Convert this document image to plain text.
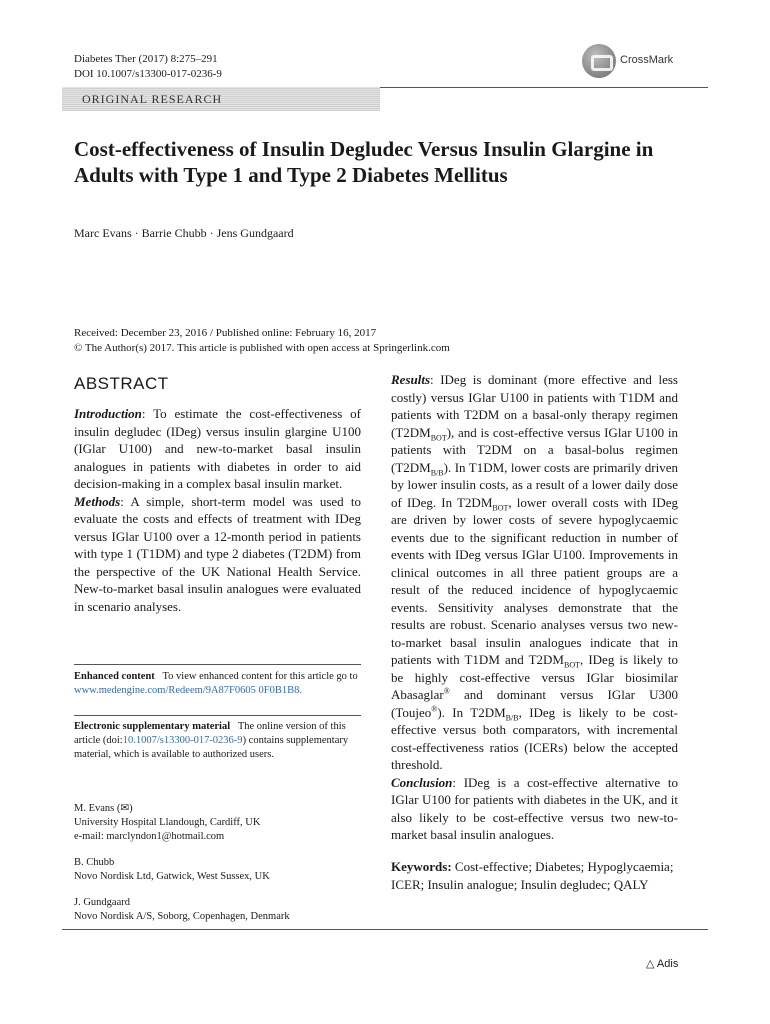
Diabetes Ther (2017) 8:275–291
DOI 10.1007/s13300-017-0236-9
CrossMark
ORIGINAL RESEARCH
Cost-effectiveness of Insulin Degludec Versus Insulin Glargine in Adults with Type 1 and Type 2 Diabetes Mellitus
Marc Evans · Barrie Chubb · Jens Gundgaard
Received: December 23, 2016 / Published online: February 16, 2017
© The Author(s) 2017. This article is published with open access at Springerlink.com
ABSTRACT

Introduction: To estimate the cost-effectiveness of insulin degludec (IDeg) versus insulin glargine U100 (IGlar U100) and new-to-market basal insulin analogues in patients with diabetes in order to aid decision-making in a complex basal insulin market.

Methods: A simple, short-term model was used to evaluate the costs and effects of treatment with IDeg versus IGlar U100 over a 12-month period in patients with type 1 (T1DM) and type 2 diabetes (T2DM) from the perspective of the UK National Health Service. New-to-market basal insulin analogues were evaluated in scenario analyses.

Enhanced content To view enhanced content for this article go to www.medengine.com/Redeem/9A87F0605 0F0B1B8.
Electronic supplementary material The online version of this article (doi:10.1007/s13300-017-0236-9) contains supplementary material, which is available to authorized users.
M. Evans (✉)
University Hospital Llandough, Cardiff, UK
e-mail: marclyndon1@hotmail.com
B. Chubb
Novo Nordisk Ltd, Gatwick, West Sussex, UK
J. Gundgaard
Novo Nordisk A/S, Soborg, Copenhagen, Denmark

Results: IDeg is dominant (more effective and less costly) versus IGlar U100 in patients with T1DM and patients with T2DM on a basal-only therapy regimen $(T2DM_{BOT})$, and is cost-effective versus IGlar U100 in patients with T2DM on a basal-bolus regimen $(T2DM_{B/B})$. In T1DM, lower costs are primarily driven by lower insulin costs, as a result of a lower daily dose of IDeg. In $T2DM_{BOT}$, lower overall costs with IDeg are driven by lower costs of severe hypoglycaemic events due to the significant reduction in number of events with IDeg versus IGlar U100. Improvements in clinical outcomes in all three patient groups are a result of the reduced incidence of hypoglycaemic events. Sensitivity analyses demonstrate that the results are robust. Scenario analyses versus two new-to-market basal insulin analogues indicate that in patients with T1DM and $T2DM_{BOT}$, IDeg is likely to be highly cost-effective versus IGlar biosimilar Abasaglar® and dominant versus IGlar U300 (Toujeo®). In $T2DM_{B/B}$, IDeg is likely to be cost-effective versus both comparators, with incremental cost-effectiveness ratios (ICERs) below the accepted threshold.

Conclusion: IDeg is a cost-effective alternative to IGlar U100 for patients with diabetes in the UK, and it also likely to be cost-effective versus two new-to-market basal insulin analogues.

Keywords: Cost-effective; Diabetes; Hypoglycaemia; ICER; Insulin analogue; Insulin degludec; QALY
△ Adis
